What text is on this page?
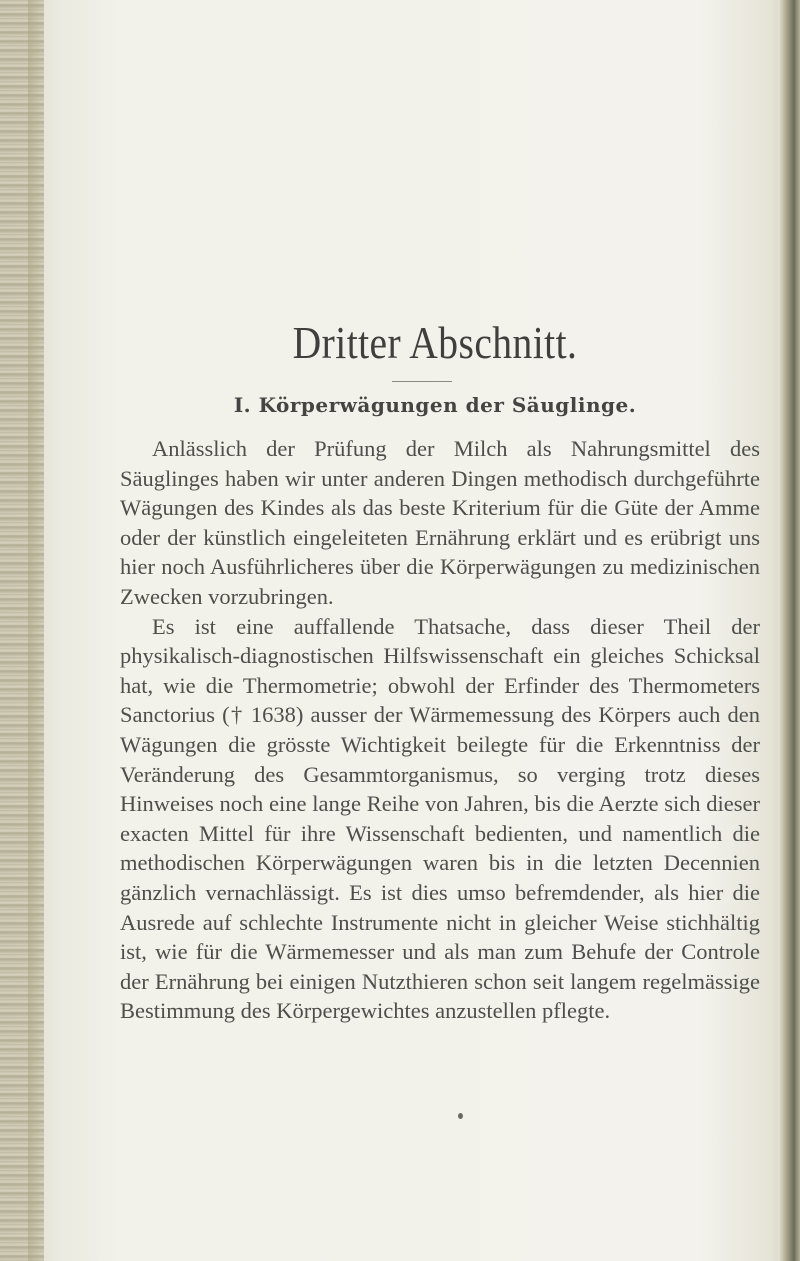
Dritter Abschnitt.
I. Körperwägungen der Säuglinge.

Anlässlich der Prüfung der Milch als Nahrungsmittel des Säuglinges haben wir unter anderen Dingen methodisch durchgeführte Wägungen des Kindes als das beste Kriterium für die Güte der Amme oder der künstlich eingeleiteten Ernährung erklärt und es erübrigt uns hier noch Ausführlicheres über die Körperwägungen zu medizinischen Zwecken vorzubringen.

Es ist eine auffallende Thatsache, dass dieser Theil der physikalisch-diagnostischen Hilfswissenschaft ein gleiches Schicksal hat, wie die Thermometrie; obwohl der Erfinder des Thermometers Sanctorius († 1638) ausser der Wärmemessung des Körpers auch den Wägungen die grösste Wichtigkeit beilegte für die Erkenntniss der Veränderung des Gesammtorganismus, so verging trotz dieses Hinweises noch eine lange Reihe von Jahren, bis die Aerzte sich dieser exacten Mittel für ihre Wissenschaft bedienten, und namentlich die methodischen Körperwägungen waren bis in die letzten Decennien gänzlich vernachlässigt. Es ist dies umso befremdender, als hier die Ausrede auf schlechte Instrumente nicht in gleicher Weise stichhältig ist, wie für die Wärmemesser und als man zum Behufe der Controle der Ernährung bei einigen Nutzthieren schon seit langem regelmässige Bestimmung des Körpergewichtes anzustellen pflegte.
